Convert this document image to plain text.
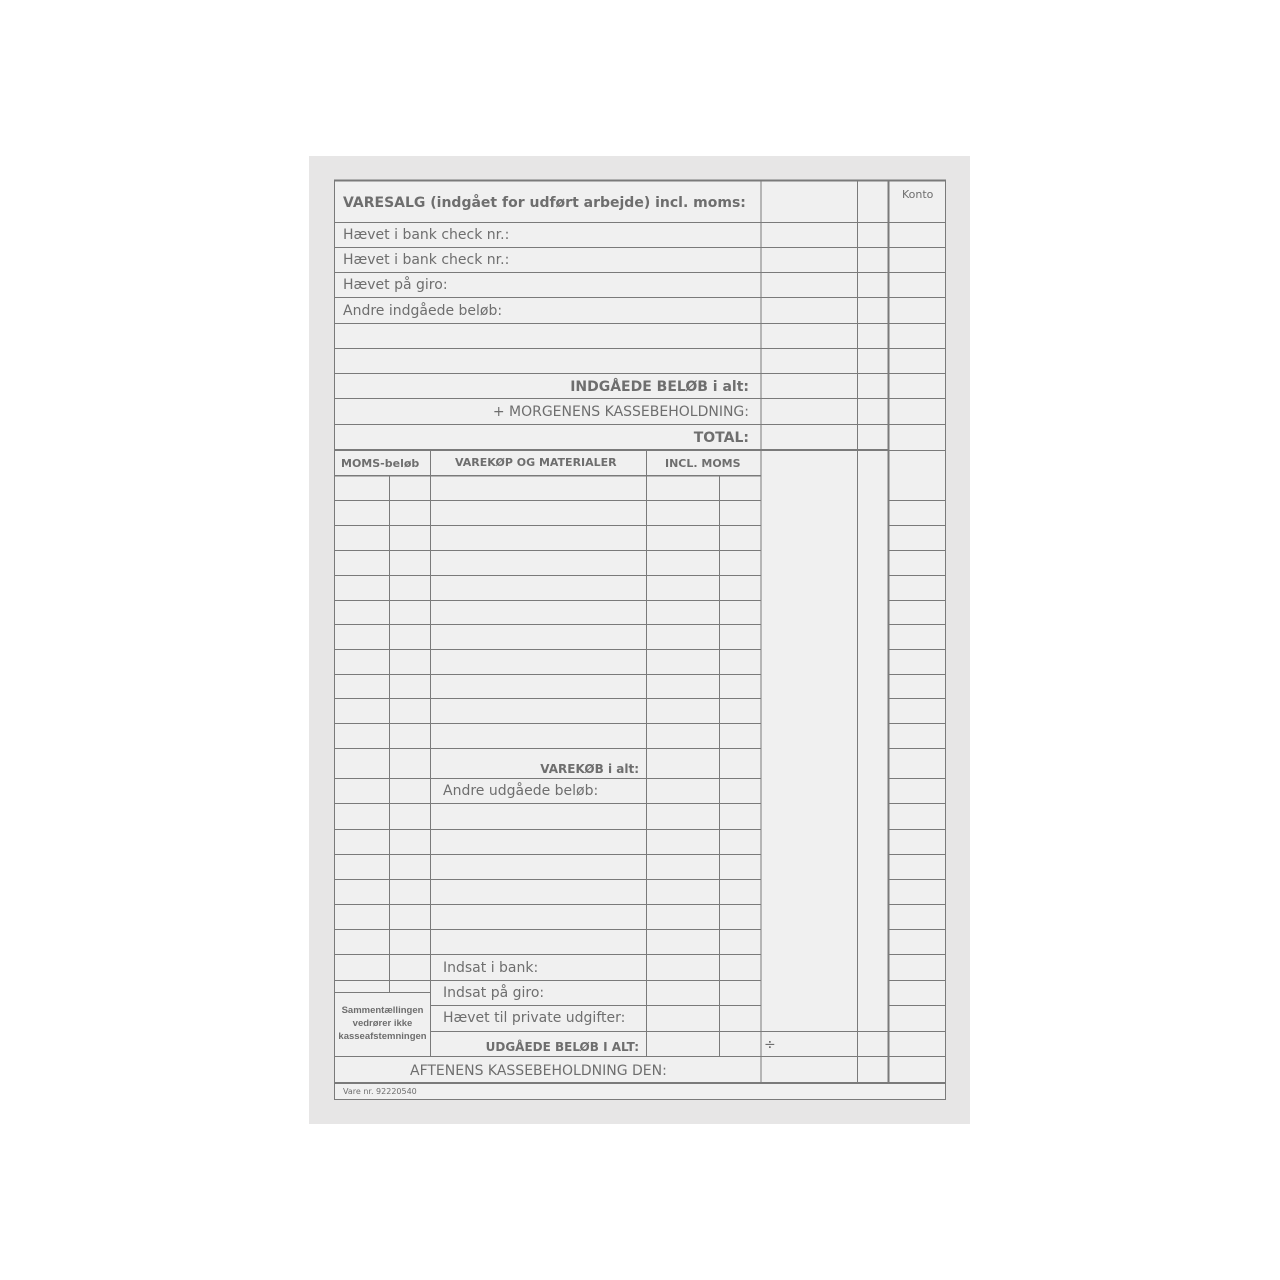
VARESALG (indgået for udført arbejde) incl. moms:
Konto
Hævet i bank check nr.:
Hævet i bank check nr.:
Hævet på giro:
Andre indgåede beløb:
INDGÅEDE BELØB i alt:
+ MORGENENS KASSEBEHOLDNING:
TOTAL:
MOMS-beløb	VAREKØP OG MATERIALER	INCL. MOMS
VAREKØB i alt:
Andre udgåede beløb:
Indsat i bank:
Indsat på giro:
Hævet til private udgifter:
UDGÅEDE BELØB I ALT:	÷
Sammentællingen vedrører ikke kasseafstemningen
AFTENENS KASSEBEHOLDNING DEN:
Vare nr. 92220540
